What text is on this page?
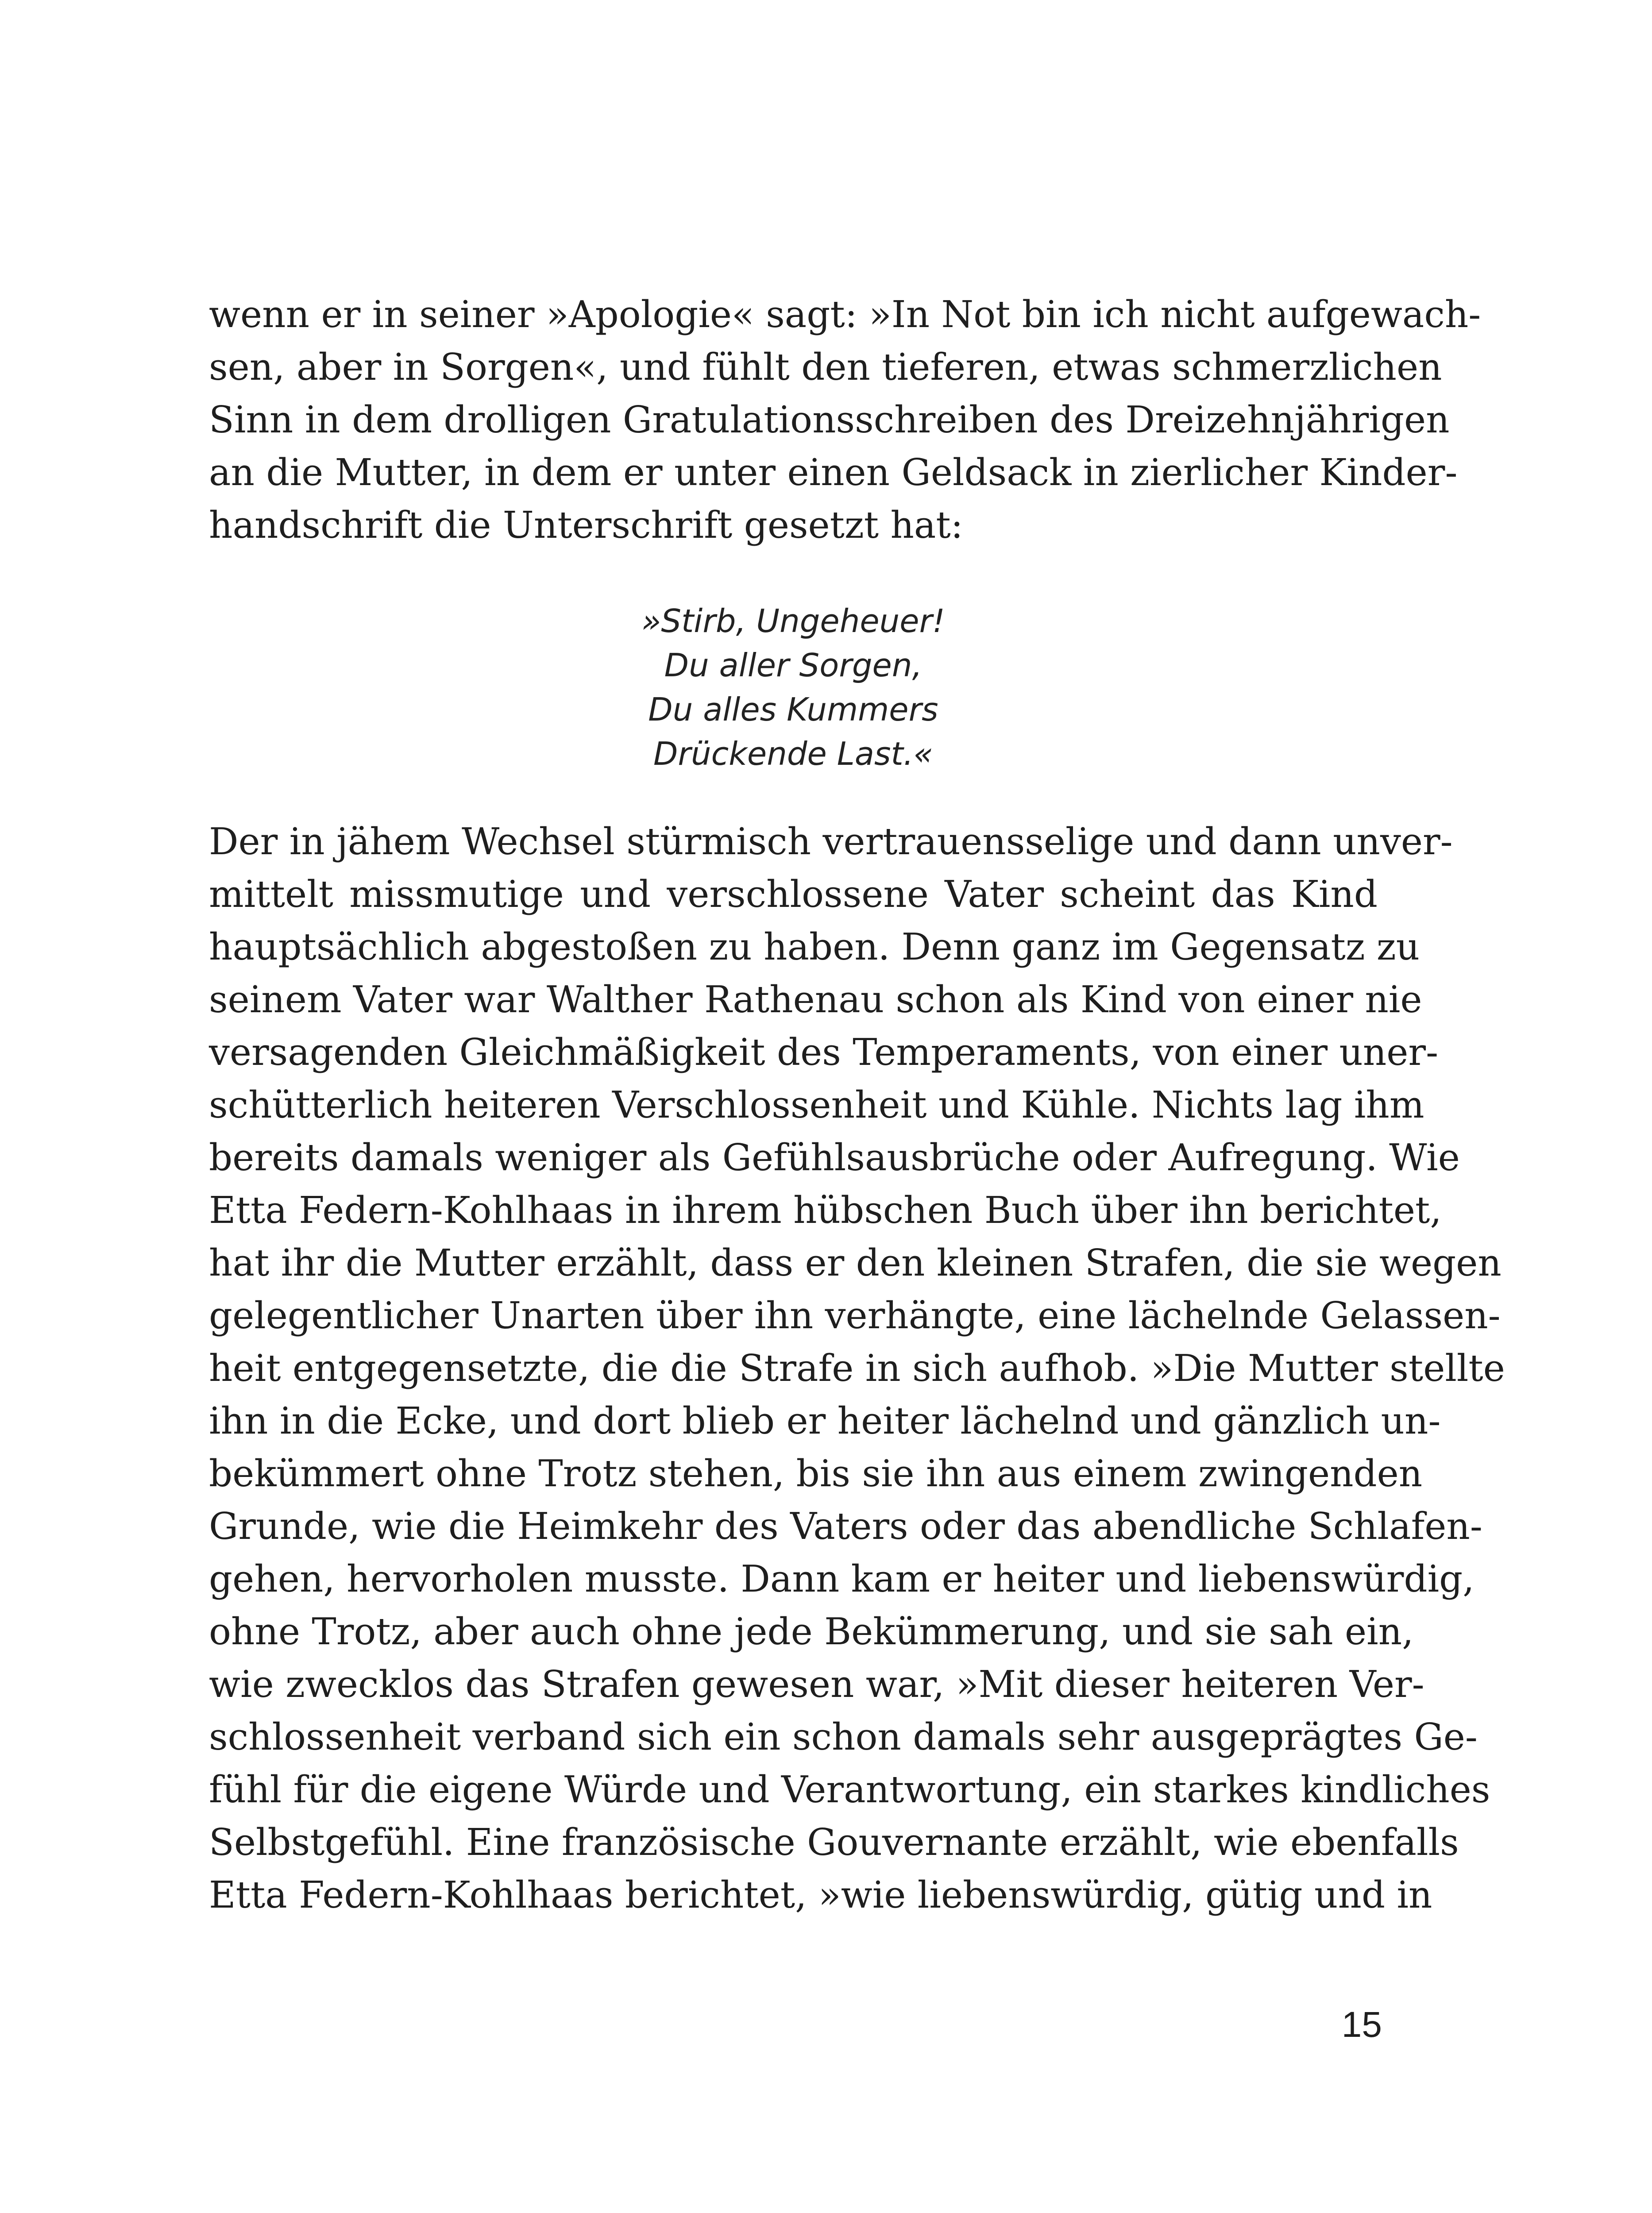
wenn er in seiner »Apologie« sagt: »In Not bin ich nicht aufgewach-
sen, aber in Sorgen«, und fühlt den tieferen, etwas schmerzlichen
Sinn in dem drolligen Gratulationsschreiben des Dreizehnjährigen
an die Mutter, in dem er unter einen Geldsack in zierlicher Kinder-
handschrift die Unterschrift gesetzt hat:
»Stirb, Ungeheuer!
Du aller Sorgen,
Du alles Kummers
Drückende Last.«
Der in jähem Wechsel stürmisch vertrauensselige und dann unver-
mittelt missmutige und verschlossene Vater scheint das Kind
hauptsächlich abgestoßen zu haben. Denn ganz im Gegensatz zu
seinem Vater war Walther Rathenau schon als Kind von einer nie
versagenden Gleichmäßigkeit des Temperaments, von einer uner-
schütterlich heiteren Verschlossenheit und Kühle. Nichts lag ihm
bereits damals weniger als Gefühlsausbrüche oder Aufregung. Wie
Etta Federn-Kohlhaas in ihrem hübschen Buch über ihn berichtet,
hat ihr die Mutter erzählt, dass er den kleinen Strafen, die sie wegen
gelegentlicher Unarten über ihn verhängte, eine lächelnde Gelassen-
heit entgegensetzte, die die Strafe in sich aufhob. »Die Mutter stellte
ihn in die Ecke, und dort blieb er heiter lächelnd und gänzlich un-
bekümmert ohne Trotz stehen, bis sie ihn aus einem zwingenden
Grunde, wie die Heimkehr des Vaters oder das abendliche Schlafen-
gehen, hervorholen musste. Dann kam er heiter und liebenswürdig,
ohne Trotz, aber auch ohne jede Bekümmerung, und sie sah ein,
wie zwecklos das Strafen gewesen war, »Mit dieser heiteren Ver-
schlossenheit verband sich ein schon damals sehr ausgeprägtes Ge-
fühl für die eigene Würde und Verantwortung, ein starkes kindliches
Selbstgefühl. Eine französische Gouvernante erzählt, wie ebenfalls
Etta Federn-Kohlhaas berichtet, »wie liebenswürdig, gütig und in
15
